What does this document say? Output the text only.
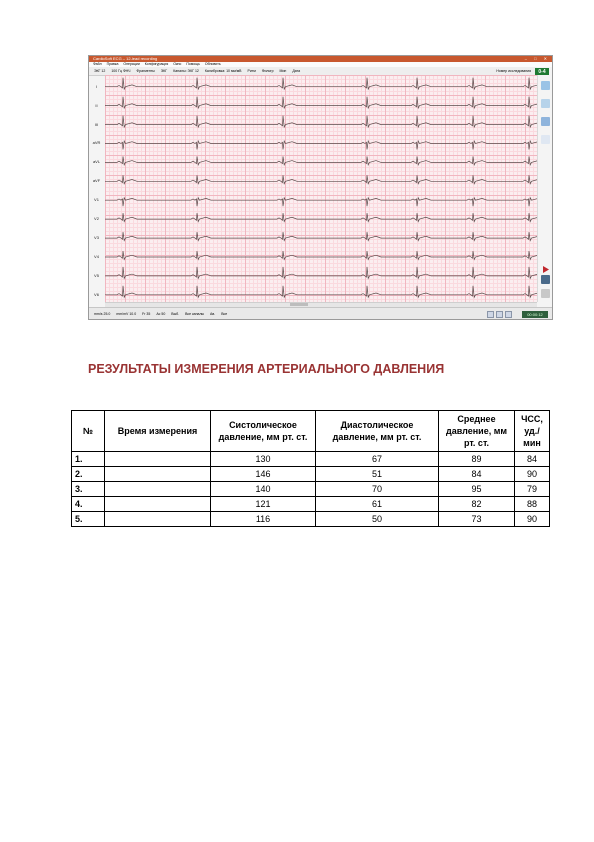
CardioSoft ECG – 12-lead recording	– □ ✕
Файл Правка Операции Конфигурация Окно Помощь Обновить
ЭКГ 12 100 Гц ФНЧ Фрагменты ЭКГ Каналы: ЭКГ 12 Калибровка: 10 мм/мВ Ритм Фильтр Мин Дата	Номер исследования	0-4
I
II
III
aVR
aVL
aVF
V1
V2
V3
V4
V5
V6
mm/s 25.0 mm/mV 10.0 Fr 35 Ac 50 Выб. Все каналы Ав. Все	00:00:12
РЕЗУЛЬТАТЫ ИЗМЕРЕНИЯ АРТЕРИАЛЬНОГО ДАВЛЕНИЯ
№	Время измерения	Систолическое давление, мм рт. ст.	Диастолическое давление, мм рт. ст.	Среднее давление, мм рт. ст.	ЧСС, уд./мин
1.		130	67	89	84
2.		146	51	84	90
3.		140	70	95	79
4.		121	61	82	88
5.		116	50	73	90
